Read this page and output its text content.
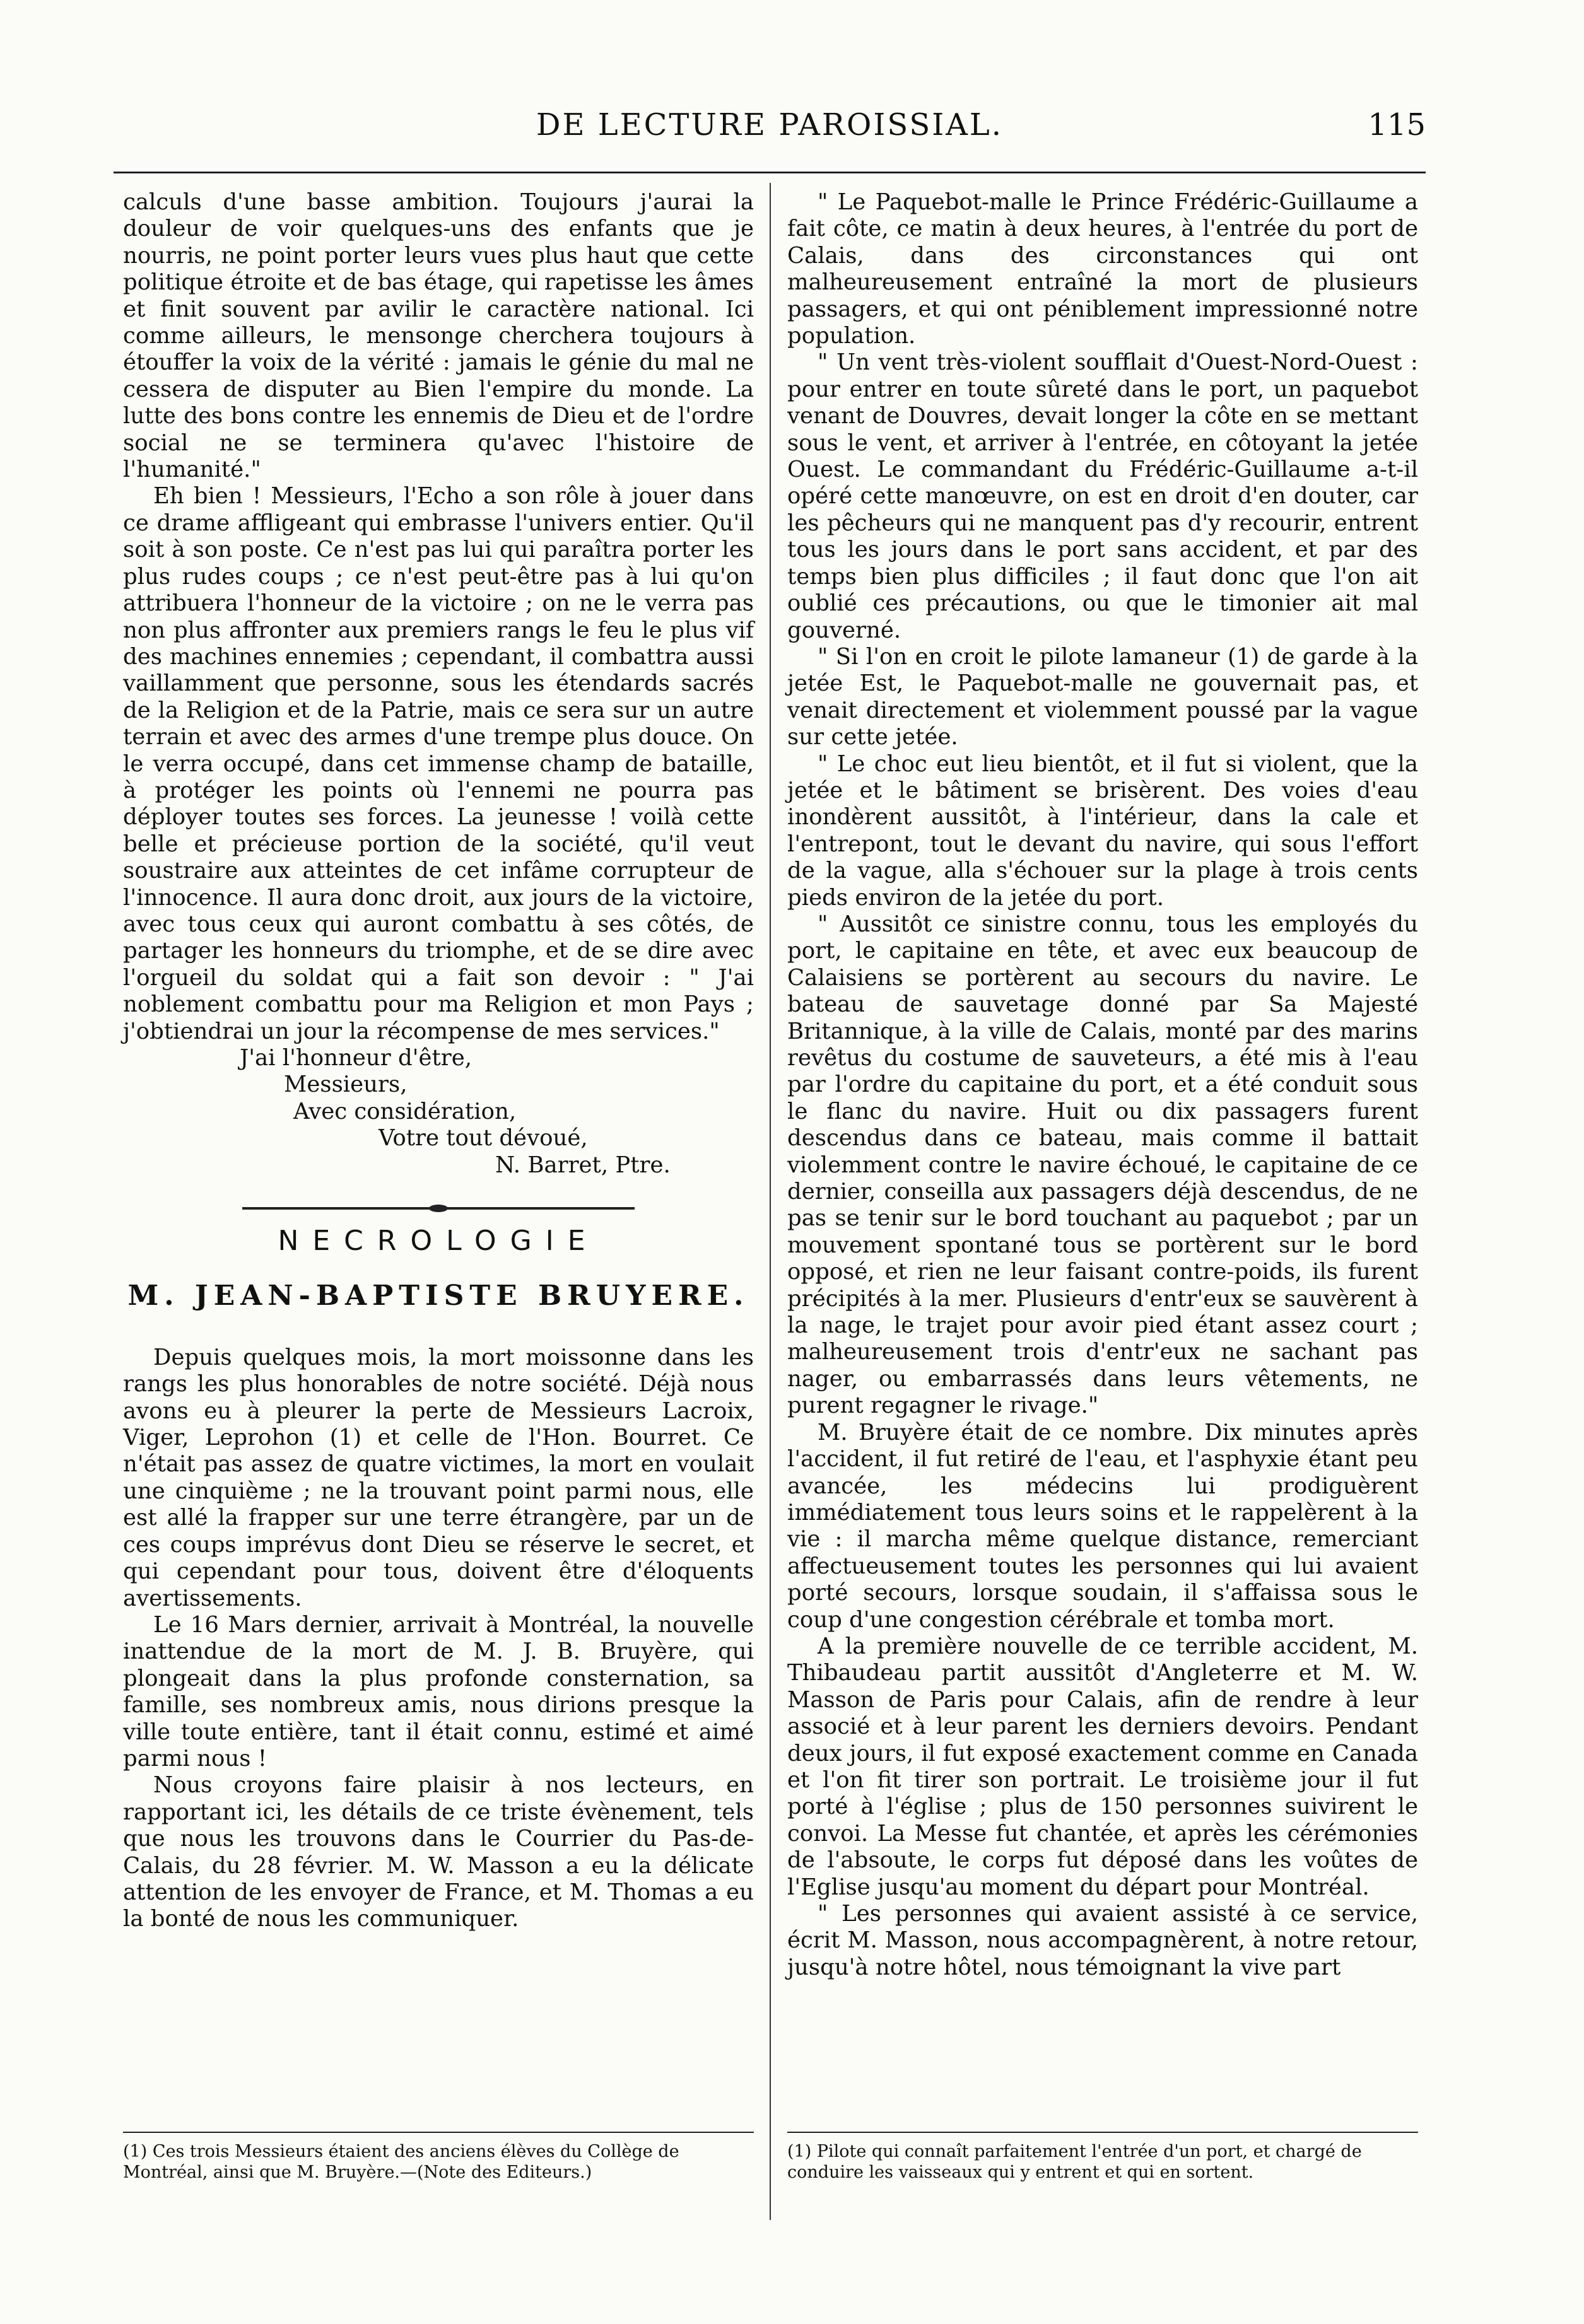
DE LECTURE PAROISSIAL.	115

calculs d'une basse ambition. Toujours j'aurai la douleur de voir quelques-uns des enfants que je nourris, ne point porter leurs vues plus haut que cette politique étroite et de bas étage, qui rapetisse les âmes et finit souvent par avilir le caractère national. Ici comme ailleurs, le mensonge cherchera toujours à étouffer la voix de la vérité : jamais le génie du mal ne cessera de disputer au Bien l'empire du monde. La lutte des bons contre les ennemis de Dieu et de l'ordre social ne se terminera qu'avec l'histoire de l'humanité."

Eh bien ! Messieurs, l'Echo a son rôle à jouer dans ce drame affligeant qui embrasse l'univers entier. Qu'il soit à son poste. Ce n'est pas lui qui paraîtra porter les plus rudes coups ; ce n'est peut-être pas à lui qu'on attribuera l'honneur de la victoire ; on ne le verra pas non plus affronter aux premiers rangs le feu le plus vif des machines ennemies ; cependant, il combattra aussi vaillamment que personne, sous les étendards sacrés de la Religion et de la Patrie, mais ce sera sur un autre terrain et avec des armes d'une trempe plus douce. On le verra occupé, dans cet immense champ de bataille, à protéger les points où l'ennemi ne pourra pas déployer toutes ses forces. La jeunesse ! voilà cette belle et précieuse portion de la société, qu'il veut soustraire aux atteintes de cet infâme corrupteur de l'innocence. Il aura donc droit, aux jours de la victoire, avec tous ceux qui auront combattu à ses côtés, de partager les honneurs du triomphe, et de se dire avec l'orgueil du soldat qui a fait son devoir : " J'ai noblement combattu pour ma Religion et mon Pays ; j'obtiendrai un jour la récompense de mes services."

J'ai l'honneur d'être,
Messieurs,
Avec considération,
Votre tout dévoué,
N. Barret, Ptre.
NECROLOGIE
M. JEAN-BAPTISTE BRUYERE.

Depuis quelques mois, la mort moissonne dans les rangs les plus honorables de notre société. Déjà nous avons eu à pleurer la perte de Messieurs Lacroix, Viger, Leprohon (1) et celle de l'Hon. Bourret. Ce n'était pas assez de quatre victimes, la mort en voulait une cinquième ; ne la trouvant point parmi nous, elle est allé la frapper sur une terre étrangère, par un de ces coups imprévus dont Dieu se réserve le secret, et qui cependant pour tous, doivent être d'éloquents avertissements.

Le 16 Mars dernier, arrivait à Montréal, la nouvelle inattendue de la mort de M. J. B. Bruyère, qui plongeait dans la plus profonde consternation, sa famille, ses nombreux amis, nous dirions presque la ville toute entière, tant il était connu, estimé et aimé parmi nous !

Nous croyons faire plaisir à nos lecteurs, en rapportant ici, les détails de ce triste évènement, tels que nous les trouvons dans le Courrier du Pas-de-Calais, du 28 février. M. W. Masson a eu la délicate attention de les envoyer de France, et M. Thomas a eu la bonté de nous les communiquer.

(1) Ces trois Messieurs étaient des anciens élèves du Collège de Montréal, ainsi que M. Bruyère.—(Note des Editeurs.)

" Le Paquebot-malle le Prince Frédéric-Guillaume a fait côte, ce matin à deux heures, à l'entrée du port de Calais, dans des circonstances qui ont malheureusement entraîné la mort de plusieurs passagers, et qui ont péniblement impressionné notre population.

" Un vent très-violent soufflait d'Ouest-Nord-Ouest : pour entrer en toute sûreté dans le port, un paquebot venant de Douvres, devait longer la côte en se mettant sous le vent, et arriver à l'entrée, en côtoyant la jetée Ouest. Le commandant du Frédéric-Guillaume a-t-il opéré cette manœuvre, on est en droit d'en douter, car les pêcheurs qui ne manquent pas d'y recourir, entrent tous les jours dans le port sans accident, et par des temps bien plus difficiles ; il faut donc que l'on ait oublié ces précautions, ou que le timonier ait mal gouverné.

" Si l'on en croit le pilote lamaneur (1) de garde à la jetée Est, le Paquebot-malle ne gouvernait pas, et venait directement et violemment poussé par la vague sur cette jetée.

" Le choc eut lieu bientôt, et il fut si violent, que la jetée et le bâtiment se brisèrent. Des voies d'eau inondèrent aussitôt, à l'intérieur, dans la cale et l'entrepont, tout le devant du navire, qui sous l'effort de la vague, alla s'échouer sur la plage à trois cents pieds environ de la jetée du port.

" Aussitôt ce sinistre connu, tous les employés du port, le capitaine en tête, et avec eux beaucoup de Calaisiens se portèrent au secours du navire. Le bateau de sauvetage donné par Sa Majesté Britannique, à la ville de Calais, monté par des marins revêtus du costume de sauveteurs, a été mis à l'eau par l'ordre du capitaine du port, et a été conduit sous le flanc du navire. Huit ou dix passagers furent descendus dans ce bateau, mais comme il battait violemment contre le navire échoué, le capitaine de ce dernier, conseilla aux passagers déjà descendus, de ne pas se tenir sur le bord touchant au paquebot ; par un mouvement spontané tous se portèrent sur le bord opposé, et rien ne leur faisant contre-poids, ils furent précipités à la mer. Plusieurs d'entr'eux se sauvèrent à la nage, le trajet pour avoir pied étant assez court ; malheureusement trois d'entr'eux ne sachant pas nager, ou embarrassés dans leurs vêtements, ne purent regagner le rivage."

M. Bruyère était de ce nombre. Dix minutes après l'accident, il fut retiré de l'eau, et l'asphyxie étant peu avancée, les médecins lui prodiguèrent immédiatement tous leurs soins et le rappelèrent à la vie : il marcha même quelque distance, remerciant affectueusement toutes les personnes qui lui avaient porté secours, lorsque soudain, il s'affaissa sous le coup d'une congestion cérébrale et tomba mort.

A la première nouvelle de ce terrible accident, M. Thibaudeau partit aussitôt d'Angleterre et M. W. Masson de Paris pour Calais, afin de rendre à leur associé et à leur parent les derniers devoirs. Pendant deux jours, il fut exposé exactement comme en Canada et l'on fit tirer son portrait. Le troisième jour il fut porté à l'église ; plus de 150 personnes suivirent le convoi. La Messe fut chantée, et après les cérémonies de l'absoute, le corps fut déposé dans les voûtes de l'Eglise jusqu'au moment du départ pour Montréal.

" Les personnes qui avaient assisté à ce service, écrit M. Masson, nous accompagnèrent, à notre retour, jusqu'à notre hôtel, nous témoignant la vive part

(1) Pilote qui connaît parfaitement l'entrée d'un port, et chargé de conduire les vaisseaux qui y entrent et qui en sortent.
